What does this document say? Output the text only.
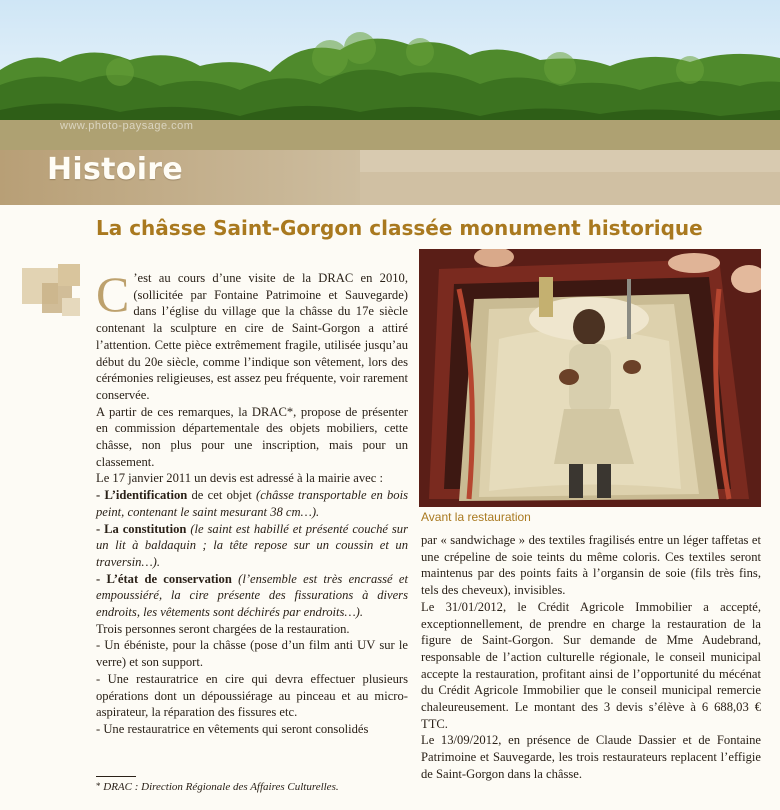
www.photo-paysage.com
Histoire
La châsse Saint-Gorgon classée monument historique

C ’est au cours d’une visite de la DRAC en 2010, (sollicitée par Fontaine Patrimoine et Sauvegarde) dans l’église du village que la châsse du 17e siècle contenant la sculpture en cire de Saint-Gorgon a attiré l’attention. Cette pièce extrêmement fragile, utilisée jusqu’au début du 20e siècle, comme l’indique son vêtement, lors des cérémonies religieuses, est assez peu fréquente, voir rarement conservée.

A partir de ces remarques, la DRAC*, propose de présenter en commission départementale des objets mobiliers, cette châsse, non plus pour une inscription, mais pour un classement.

Le 17 janvier 2011 un devis est adressé à la mairie avec :

- L’identification de cet objet (châsse transportable en bois peint, contenant le saint mesurant 38 cm…).

- La constitution (le saint est habillé et présenté couché sur un lit à baldaquin ; la tête repose sur un coussin et un traversin…).

- L’état de conservation (l’ensemble est très encrassé et empoussiéré, la cire présente des fissurations à divers endroits, les vêtements sont déchirés par endroits…).

Trois personnes seront chargées de la restauration.

- Un ébéniste, pour la châsse (pose d’un film anti UV sur le verre) et son support.

- Une restauratrice en cire qui devra effectuer plusieurs opérations dont un dépoussiérage au pinceau et au micro-aspirateur, la réparation des fissures etc.

- Une restauratrice en vêtements qui seront consolidés

Avant la restauration

par « sandwichage » des textiles fragilisés entre un léger taffetas et une crépeline de soie teints du même coloris. Ces textiles seront maintenus par des points faits à l’organsin de soie (fils très fins, tels des cheveux), invisibles.

Le 31/01/2012, le Crédit Agricole Immobilier a accepté, exceptionnellement, de prendre en charge la restauration de la figure de Saint-Gorgon. Sur demande de Mme Audebrand, responsable de l’action culturelle régionale, le conseil municipal accepte la restauration, profitant ainsi de l’opportunité du mécénat du Crédit Agricole Immobilier que le conseil municipal remercie chaleureusement. Le montant des 3 devis s’élève à 6 688,03 € TTC.

Le 13/09/2012, en présence de Claude Dassier et de Fontaine Patrimoine et Sauvegarde, les trois restaurateurs replacent l’effigie de Saint-Gorgon dans la châsse.

* DRAC : Direction Régionale des Affaires Culturelles.
